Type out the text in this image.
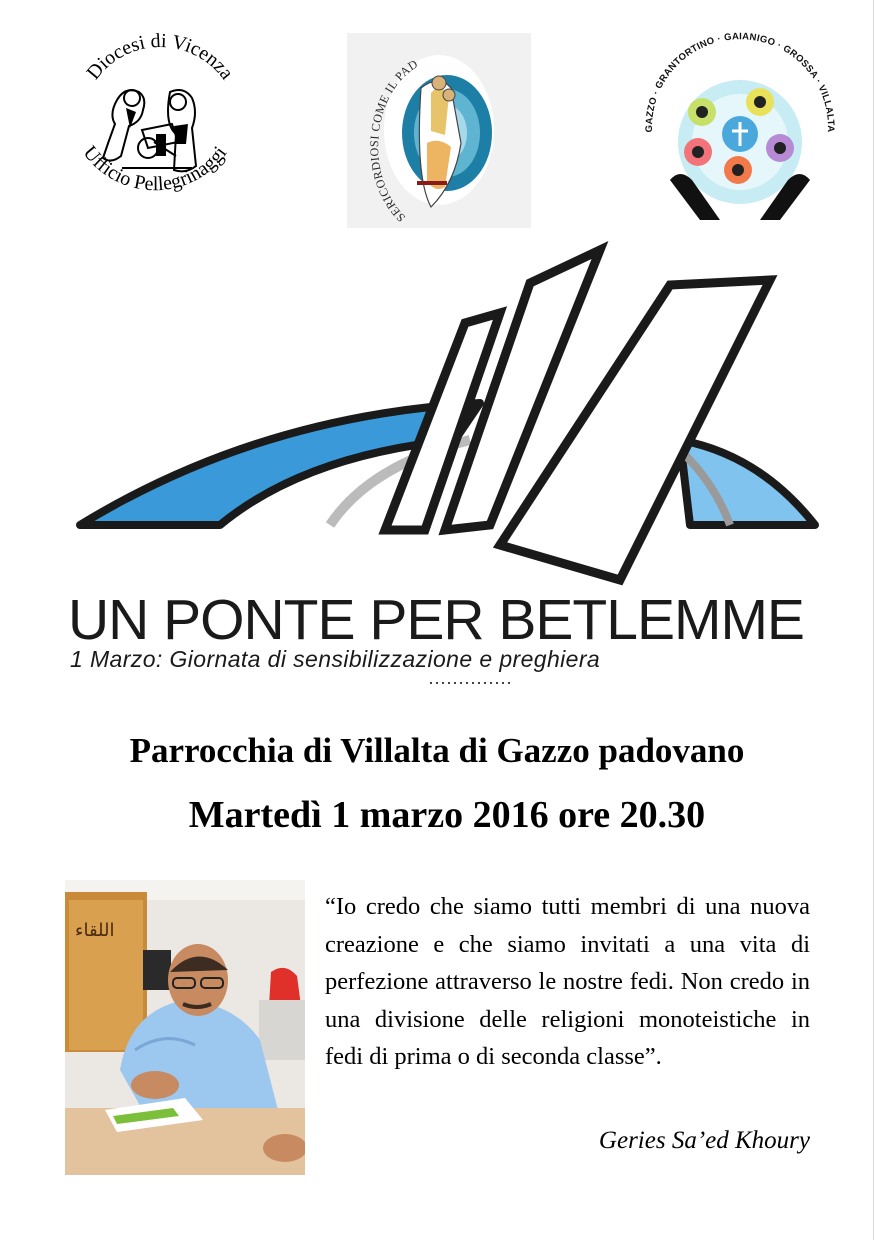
Diocesi di Vicenza
Ufficio Pellegrinaggi
SERICORDIOSI COME IL PAD
GAZZO · GRANTORTINO · GAIANIGO · GROSSA · VILLALTA
UN PONTE PER BETLEMME
1 Marzo: Giornata di sensibilizzazione e preghiera
Parrocchia di Villalta di Gazzo padovano
Martedì 1 marzo 2016 ore 20.30
اللقاء

“Io credo che siamo tutti membri di una nuova creazione e che siamo invitati a una vita di perfezione attraverso le nostre fedi. Non credo in una divisione delle religioni monoteistiche in fedi di prima o di seconda classe”.

Geries Sa’ed Khoury
